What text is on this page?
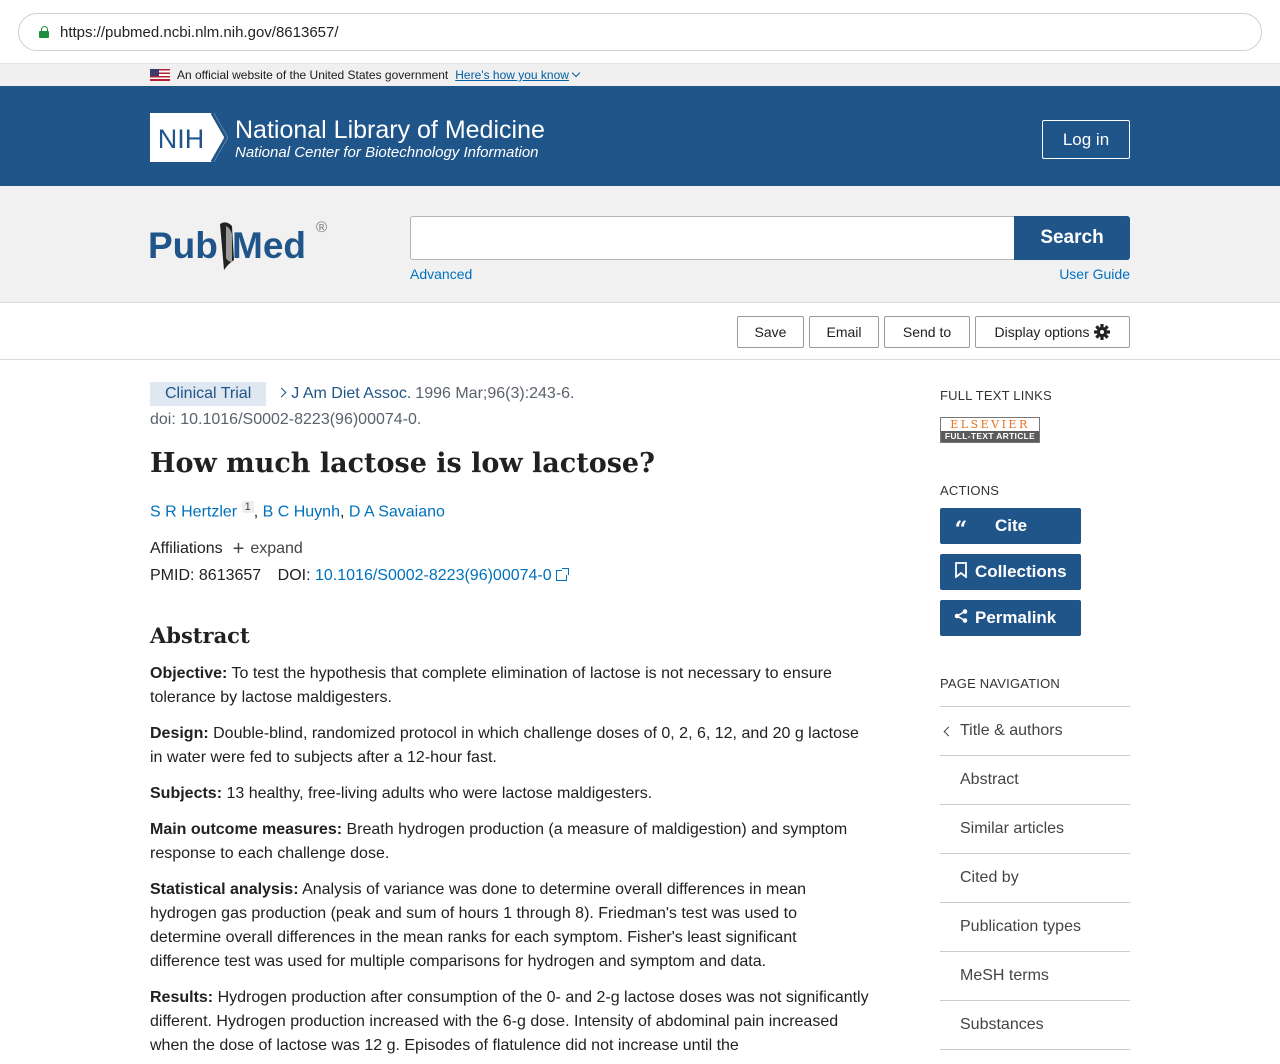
https://pubmed.ncbi.nlm.nih.gov/8613657/
An official website of the United States government Here's how you know
NIH National Library of Medicine
National Center for Biotechnology Information
Log in
Pub Med ®	Search
Advanced	User Guide
Save	Email	Send to	Display options
Clinical Trial	J Am Diet Assoc. 1996 Mar;96(3):243-6.
doi: 10.1016/S0002-8223(96)00074-0.
How much lactose is low lactose?
S R Hertzler $^1$ , B C Huynh, D A Savaiano
Affiliations + expand
PMID: 8613657 DOI: 10.1016/S0002-8223(96)00074-0
Abstract

Objective: To test the hypothesis that complete elimination of lactose is not necessary to ensure tolerance by lactose maldigesters.

Design: Double-blind, randomized protocol in which challenge doses of 0, 2, 6, 12, and 20 g lactose in water were fed to subjects after a 12-hour fast.

Subjects: 13 healthy, free-living adults who were lactose maldigesters.

Main outcome measures: Breath hydrogen production (a measure of maldigestion) and symptom response to each challenge dose.

Statistical analysis: Analysis of variance was done to determine overall differences in mean hydrogen gas production (peak and sum of hours 1 through 8). Friedman's test was used to determine overall differences in the mean ranks for each symptom. Fisher's least significant difference test was used for multiple comparisons for hydrogen and symptom and data.

Results: Hydrogen production after consumption of the 0- and 2-g lactose doses was not significantly different. Hydrogen production increased with the 6-g dose. Intensity of abdominal pain increased when the dose of lactose was 12 g. Episodes of flatulence did not increase until the

FULL TEXT LINKS
ELSEVIER
FULL-TEXT ARTICLE
ACTIONS
“ Cite
Collections
Permalink
PAGE NAVIGATION
Title & authors
Abstract
Similar articles
Cited by
Publication types
MeSH terms
Substances
